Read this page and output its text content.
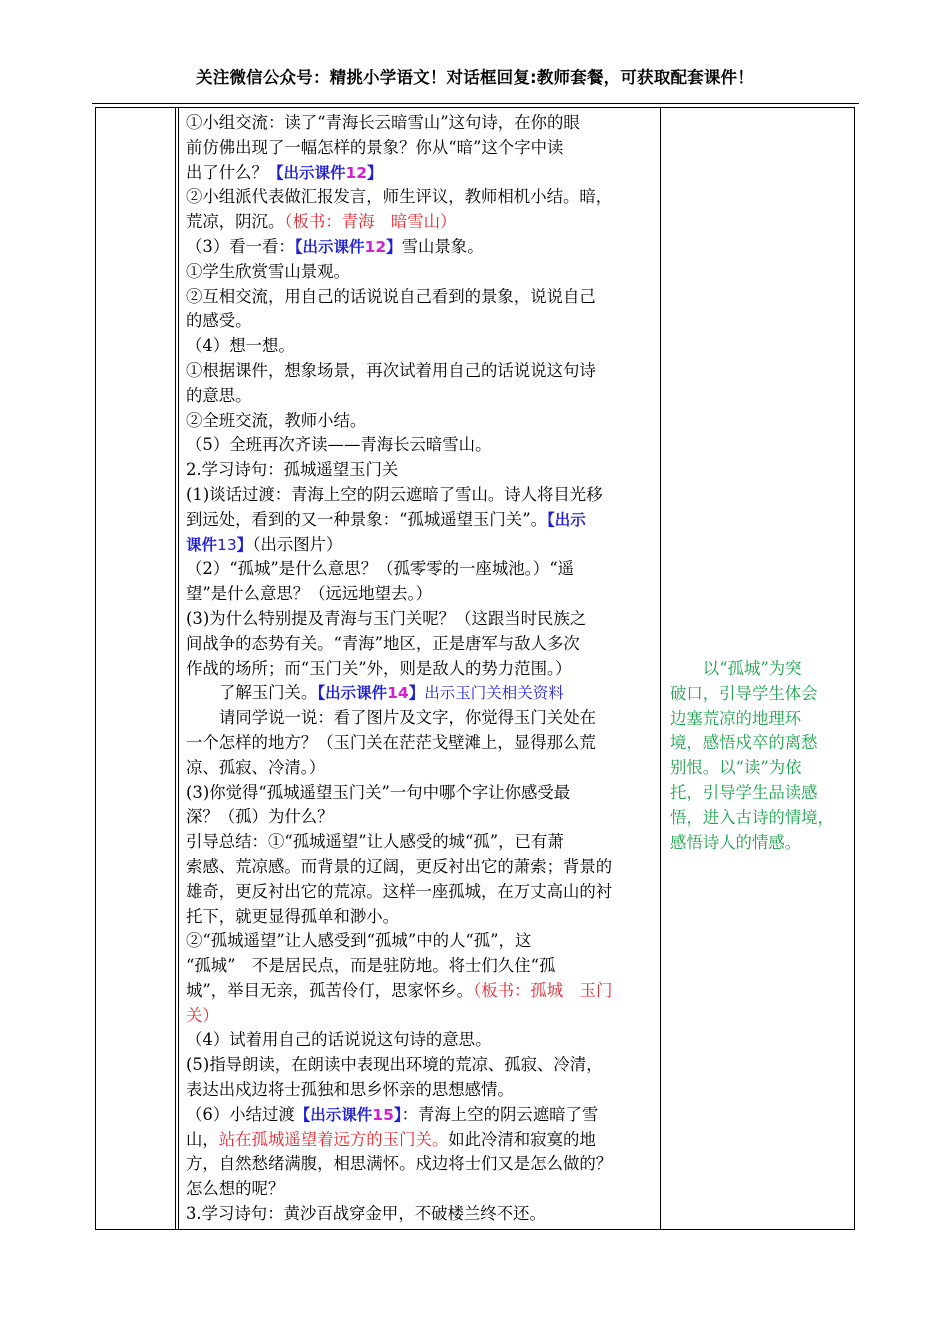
关注微信公众号：精挑小学语文！对话框回复:教师套餐，可获取配套课件！
①小组交流：读了“青海长云暗雪山”这句诗，在你的眼
前仿佛出现了一幅怎样的景象？你从“暗”这个字中读
出了什么？【出示课件12】
②小组派代表做汇报发言，师生评议，教师相机小结。暗，
荒凉，阴沉。（板书：青海　暗雪山）
（3）看一看：【出示课件12】雪山景象。
①学生欣赏雪山景观。
②互相交流，用自己的话说说自己看到的景象，说说自己
的感受。
（4）想一想。
①根据课件，想象场景，再次试着用自己的话说说这句诗
的意思。
②全班交流，教师小结。
（5）全班再次齐读——青海长云暗雪山。
2.学习诗句：孤城遥望玉门关
(1)谈话过渡：青海上空的阴云遮暗了雪山。诗人将目光移
到远处，看到的又一种景象：“孤城遥望玉门关”。【出示
课件13】（出示图片）
（2）“孤城”是什么意思？（孤零零的一座城池。）“遥
望”是什么意思？（远远地望去。）
(3)为什么特别提及青海与玉门关呢？（这跟当时民族之
间战争的态势有关。“青海”地区，正是唐军与敌人多次
作战的场所；而“玉门关”外，则是敌人的势力范围。）
了解玉门关。【出示课件14】出示玉门关相关资料
请同学说一说：看了图片及文字，你觉得玉门关处在
一个怎样的地方？（玉门关在茫茫戈壁滩上，显得那么荒
凉、孤寂、冷清。）
(3)你觉得“孤城遥望玉门关”一句中哪个字让你感受最
深？（孤）为什么？
引导总结：①“孤城遥望”让人感受的城“孤”，已有萧
索感、荒凉感。而背景的辽阔，更反衬出它的萧索；背景的
雄奇，更反衬出它的荒凉。这样一座孤城，在万丈高山的衬
托下，就更显得孤单和渺小。
②“孤城遥望”让人感受到“孤城”中的人“孤”，这
“孤城”　不是居民点，而是驻防地。将士们久住“孤
城”，举目无亲，孤苦伶仃，思家怀乡。（板书：孤城　玉门
关）
（4）试着用自己的话说说这句诗的意思。
(5)指导朗读，在朗读中表现出环境的荒凉、孤寂、冷清，
表达出戍边将士孤独和思乡怀亲的思想感情。
（6）小结过渡【出示课件15】：青海上空的阴云遮暗了雪
山，站在孤城遥望着远方的玉门关。如此冷清和寂寞的地
方，自然愁绪满腹，相思满怀。戍边将士们又是怎么做的？
怎么想的呢？
3.学习诗句：黄沙百战穿金甲，不破楼兰终不还。
　　以“孤城”为突
破口，引导学生体会
边塞荒凉的地理环
境，感悟戍卒的离愁
别恨。以“读”为依
托，引导学生品读感
悟，进入古诗的情境，
感悟诗人的情感。
